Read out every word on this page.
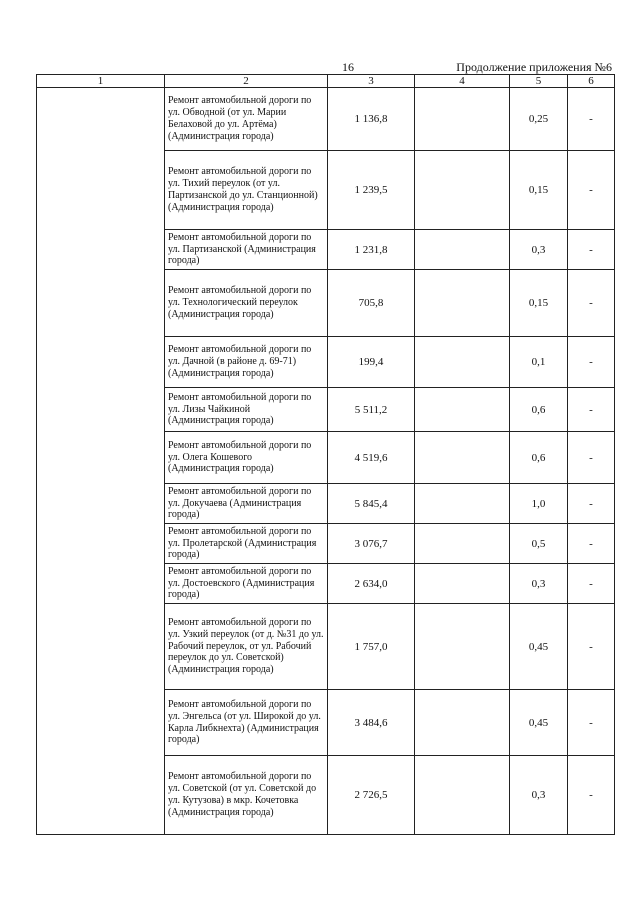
16	Продолжение приложения №6
1	2	3	4	5	6
	Ремонт автомобильной дороги по ул. Обводной (от ул. Марии Белаховой до ул. Артёма) (Администрация города)	1 136,8		0,25	-
	Ремонт автомобильной дороги по ул. Тихий переулок (от ул. Партизанской до ул. Станционной) (Администрация города)	1 239,5		0,15	-
	Ремонт автомобильной дороги по ул. Партизанской (Администрация города)	1 231,8		0,3	-
	Ремонт автомобильной дороги по ул. Технологический переулок (Администрация города)	705,8		0,15	-
	Ремонт автомобильной дороги по ул. Дачной (в районе д. 69-71) (Администрация города)	199,4		0,1	-
	Ремонт автомобильной дороги по ул. Лизы Чайкиной (Администрация города)	5 511,2		0,6	-
	Ремонт автомобильной дороги по ул. Олега Кошевого (Администрация города)	4 519,6		0,6	-
	Ремонт автомобильной дороги по ул. Докучаева (Администрация города)	5 845,4		1,0	-
	Ремонт автомобильной дороги по ул. Пролетарской (Администрация города)	3 076,7		0,5	-
	Ремонт автомобильной дороги по ул. Достоевского (Администрация города)	2 634,0		0,3	-
	Ремонт автомобильной дороги по ул. Узкий переулок (от д. №31 до ул. Рабочий переулок, от ул. Рабочий переулок до ул. Советской) (Администрация города)	1 757,0		0,45	-
	Ремонт автомобильной дороги по ул. Энгельса (от ул. Широкой до ул. Карла Либкнехта) (Администрация города)	3 484,6		0,45	-
	Ремонт автомобильной дороги по ул. Советской (от ул. Советской до ул. Кутузова) в мкр. Кочетовка (Администрация города)	2 726,5		0,3	-
